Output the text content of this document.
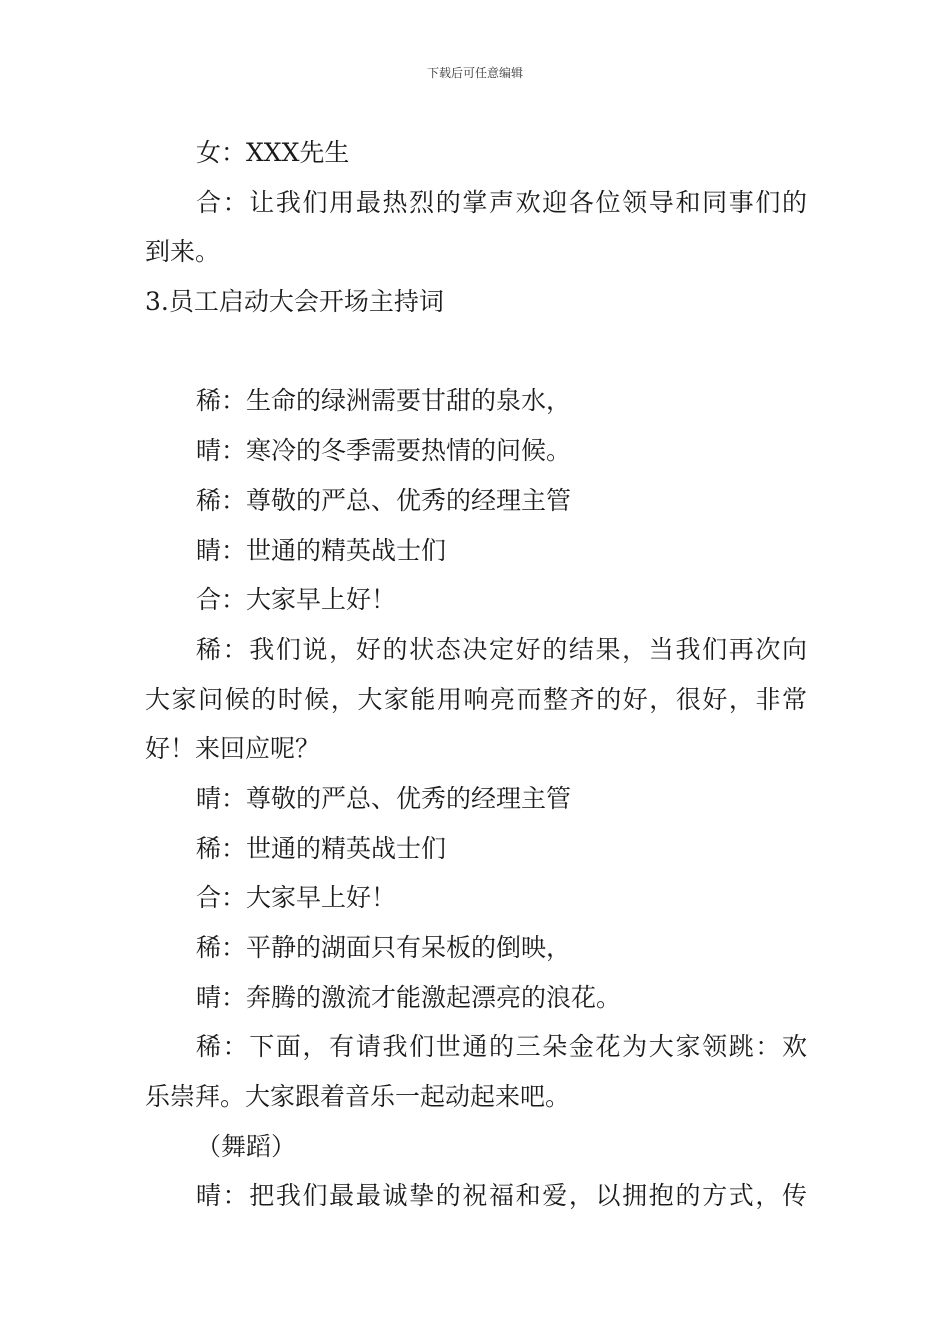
下载后可任意编辑
女：XXX先生
合：让我们用最热烈的掌声欢迎各位领导和同事们的
到来。
3.员工启动大会开场主持词
稀：生命的绿洲需要甘甜的泉水，
晴：寒冷的冬季需要热情的问候。
稀：尊敬的严总、优秀的经理主管
睛：世通的精英战士们
合：大家早上好！
稀：我们说，好的状态决定好的结果，当我们再次向
大家问候的时候，大家能用响亮而整齐的好，很好，非常
好！来回应呢？
晴：尊敬的严总、优秀的经理主管
稀：世通的精英战士们
合：大家早上好！
稀：平静的湖面只有呆板的倒映，
晴：奔腾的激流才能激起漂亮的浪花。
稀：下面，有请我们世通的三朵金花为大家领跳：欢
乐崇拜。大家跟着音乐一起动起来吧。
（舞蹈）
晴：把我们最最诚挚的祝福和爱，以拥抱的方式，传
